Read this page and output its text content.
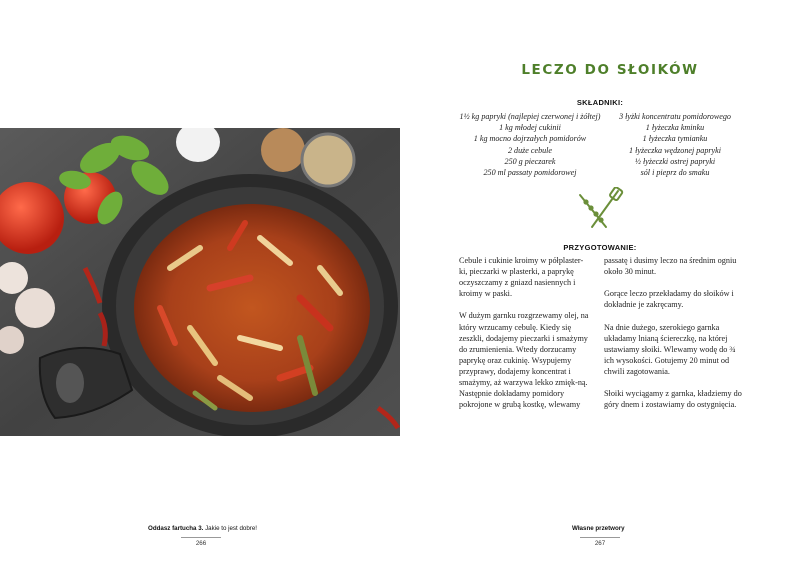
Oddasz fartucha 3. Jakie to jest dobre!
266
LECZO DO SŁOIKÓW
SKŁADNIKI:
1½ kg papryki (najlepiej czerwonej i żółtej)
1 kg młodej cukinii
1 kg mocno dojrzałych pomidorów
2 duże cebule
250 g pieczarek
250 ml passaty pomidorowej
3 łyżki koncentratu pomidorowego
1 łyżeczka kminku
1 łyżeczka tymianku
1 łyżeczka wędzonej papryki
½ łyżeczki ostrej papryki
sól i pieprz do smaku
PRZYGOTOWANIE:

Cebule i cukinie kroimy w półplaster-ki, pieczarki w plasterki, a paprykę oczyszczamy z gniazd nasiennych i kroimy w paski.

W dużym garnku rozgrzewamy olej, na który wrzucamy cebulę. Kiedy się zeszkli, dodajemy pieczarki i smażymy do zrumienienia. Wtedy dorzucamy paprykę oraz cukinię. Wsypujemy przyprawy, dodajemy koncentrat i smażymy, aż warzywa lekko zmięk-ną. Następnie dokładamy pomidory pokrojone w grubą kostkę, wlewamy

passatę i dusimy leczo na średnim ogniu około 30 minut.

Gorące leczo przekładamy do słoików i dokładnie je zakręcamy.

Na dnie dużego, szerokiego garnka układamy lnianą ściereczkę, na której ustawiamy słoiki. Wlewamy wodę do ¾ ich wysokości. Gotujemy 20 minut od chwili zagotowania.

Słoiki wyciągamy z garnka, kładziemy do góry dnem i zostawiamy do ostygnięcia.

Własne przetwory
267
